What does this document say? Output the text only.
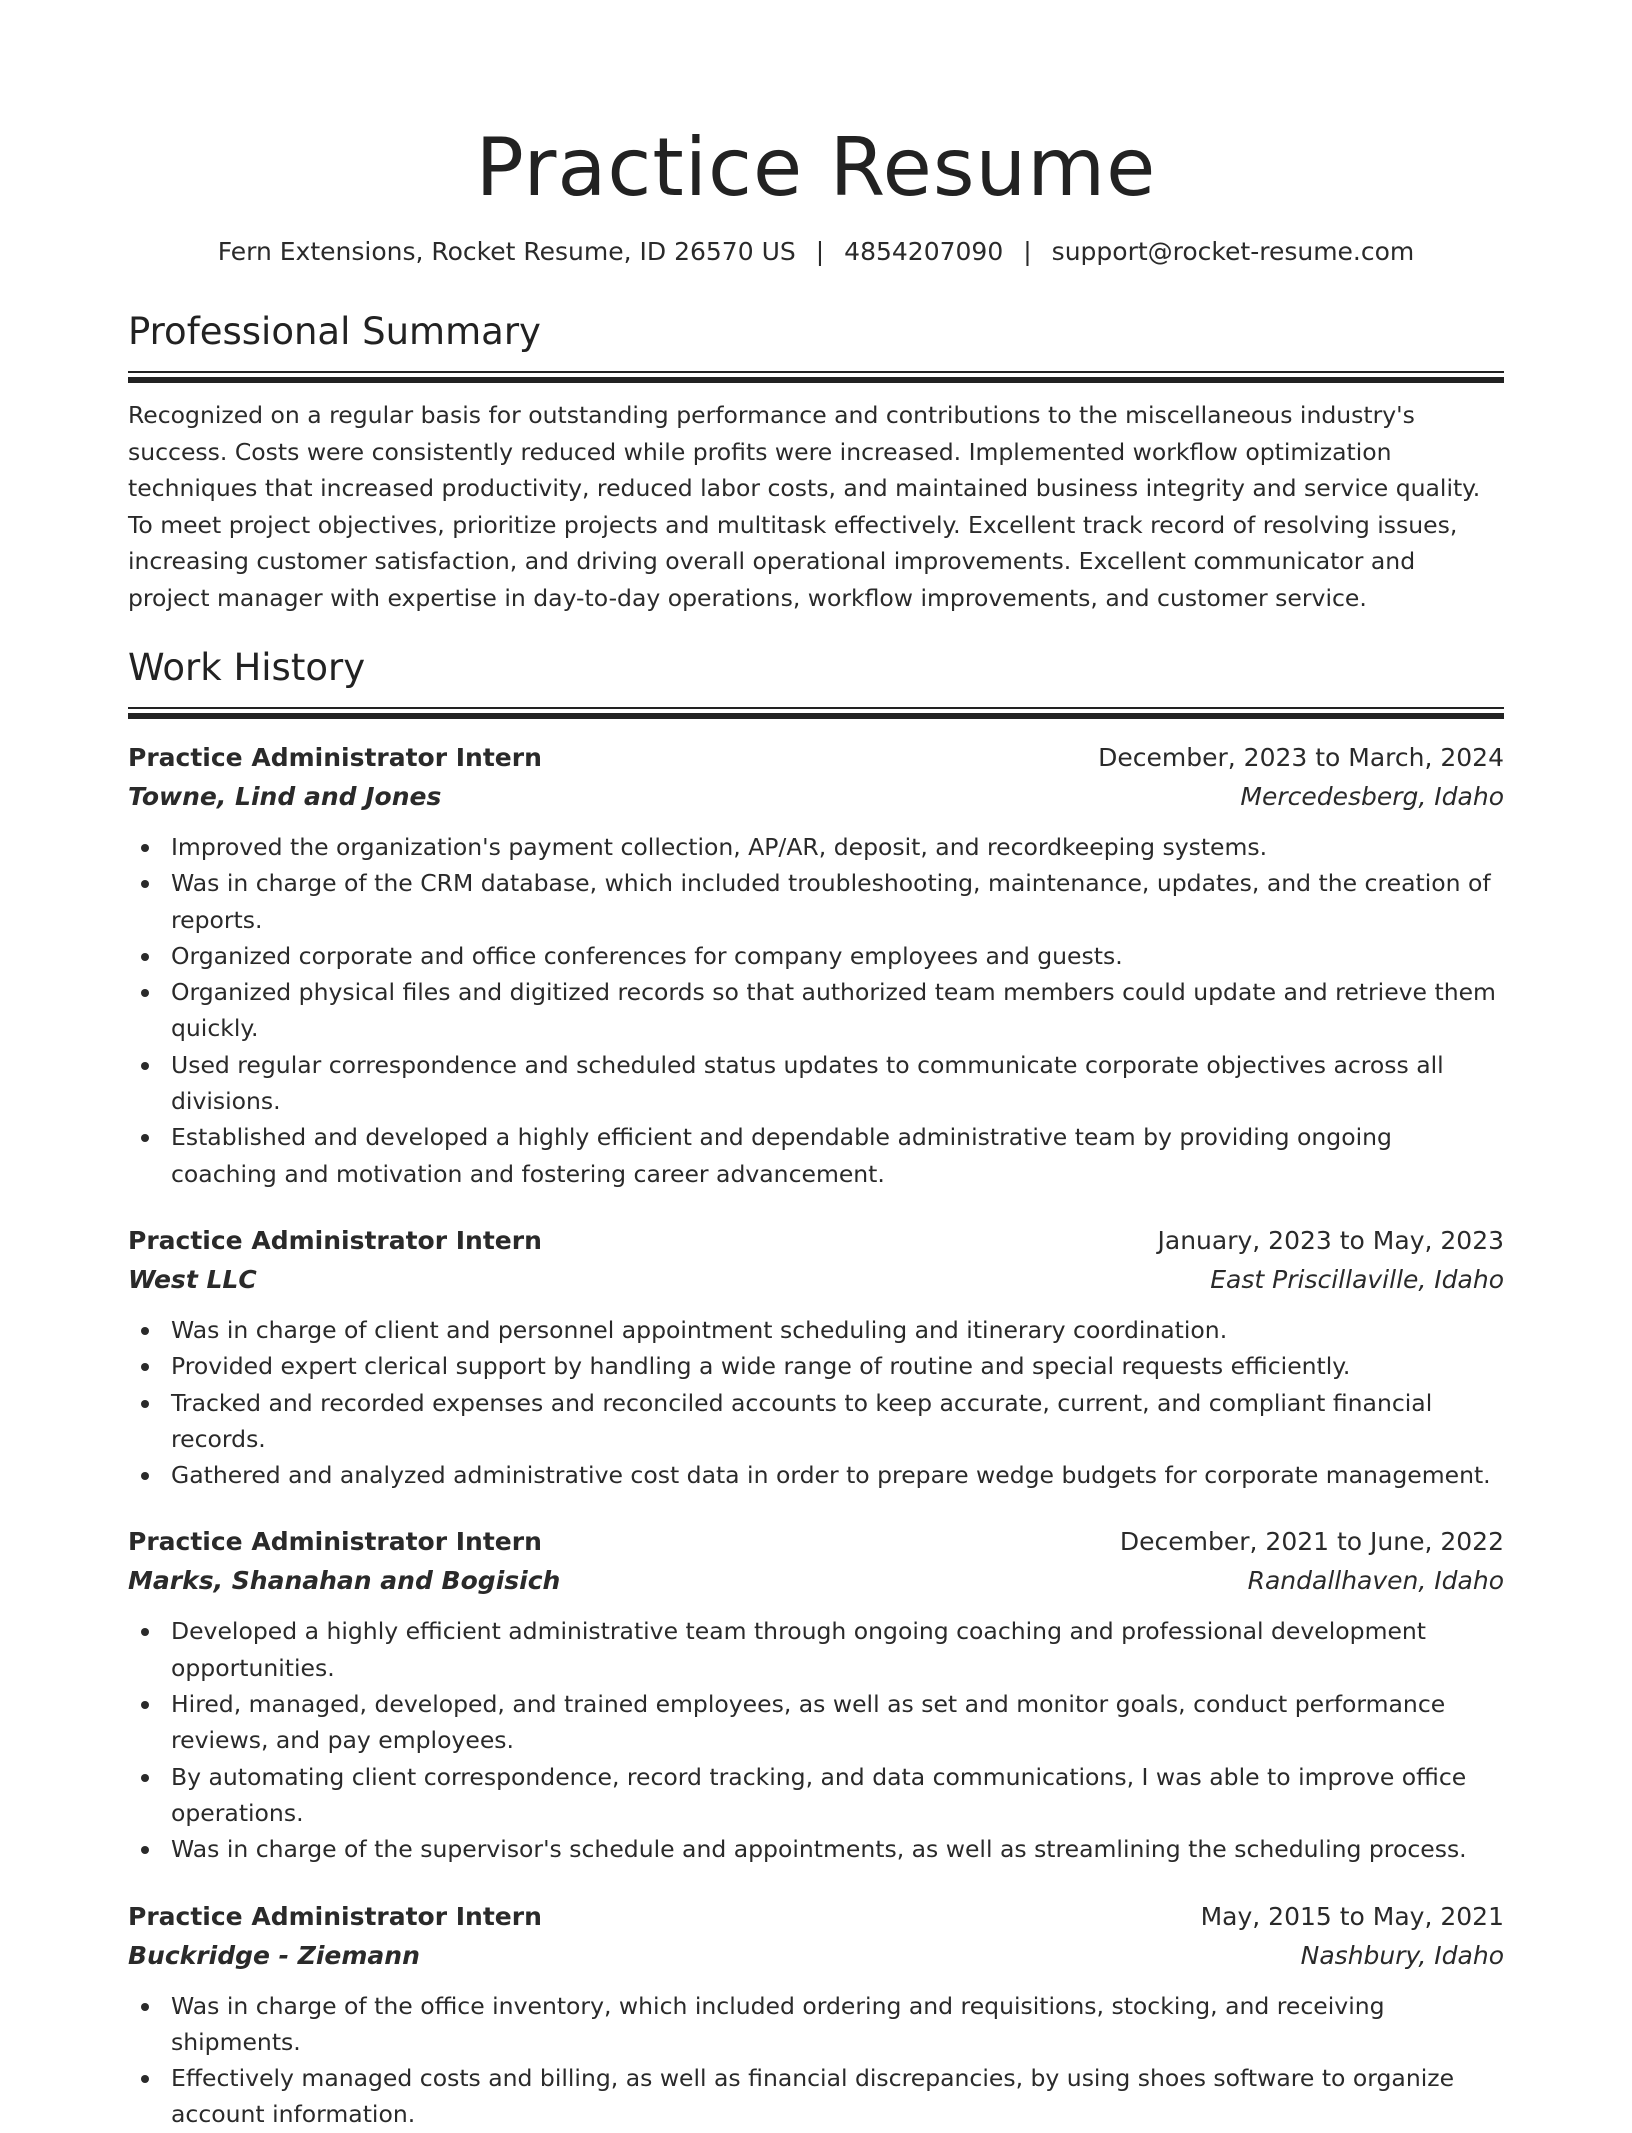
Practice Resume
Fern Extensions, Rocket Resume, ID 26570 US | 4854207090 | support@rocket-resume.com
Professional Summary

Recognized on a regular basis for outstanding performance and contributions to the miscellaneous industry's success. Costs were consistently reduced while profits were increased. Implemented workflow optimization techniques that increased productivity, reduced labor costs, and maintained business integrity and service quality. To meet project objectives, prioritize projects and multitask effectively. Excellent track record of resolving issues, increasing customer satisfaction, and driving overall operational improvements. Excellent communicator and project manager with expertise in day-to-day operations, workflow improvements, and customer service.

Work History
Practice Administrator Intern	December, 2023 to March, 2024
Towne, Lind and Jones	Mercedesberg, Idaho
Improved the organization's payment collection, AP/AR, deposit, and recordkeeping systems.
Was in charge of the CRM database, which included troubleshooting, maintenance, updates, and the creation of reports.
Organized corporate and office conferences for company employees and guests.
Organized physical files and digitized records so that authorized team members could update and retrieve them quickly.
Used regular correspondence and scheduled status updates to communicate corporate objectives across all divisions.
Established and developed a highly efficient and dependable administrative team by providing ongoing coaching and motivation and fostering career advancement.
Practice Administrator Intern	January, 2023 to May, 2023
West LLC	East Priscillaville, Idaho
Was in charge of client and personnel appointment scheduling and itinerary coordination.
Provided expert clerical support by handling a wide range of routine and special requests efficiently.
Tracked and recorded expenses and reconciled accounts to keep accurate, current, and compliant financial records.
Gathered and analyzed administrative cost data in order to prepare wedge budgets for corporate management.
Practice Administrator Intern	December, 2021 to June, 2022
Marks, Shanahan and Bogisich	Randallhaven, Idaho
Developed a highly efficient administrative team through ongoing coaching and professional development opportunities.
Hired, managed, developed, and trained employees, as well as set and monitor goals, conduct performance reviews, and pay employees.
By automating client correspondence, record tracking, and data communications, I was able to improve office operations.
Was in charge of the supervisor's schedule and appointments, as well as streamlining the scheduling process.
Practice Administrator Intern	May, 2015 to May, 2021
Buckridge - Ziemann	Nashbury, Idaho
Was in charge of the office inventory, which included ordering and requisitions, stocking, and receiving shipments.
Effectively managed costs and billing, as well as financial discrepancies, by using shoes software to organize account information.
